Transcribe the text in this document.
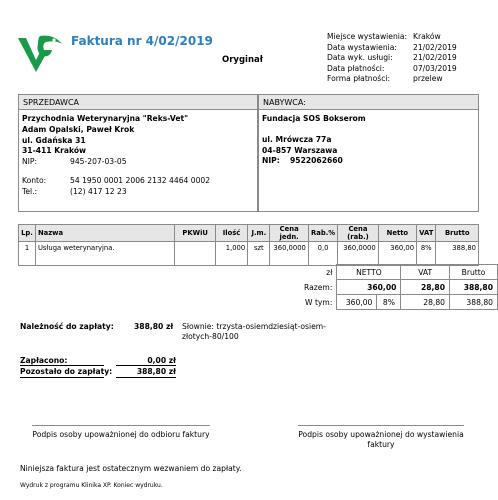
Faktura nr 4/02/2019
Oryginał
Miejsce wystawienia: Kraków
Data wystawienia:	21/02/2019
Data wyk. usługi:	21/02/2019
Data płatności:	07/03/2019
Forma płatności:	przelew
SPRZEDAWCA
Przychodnia Weterynaryjna "Reks-Vet"
Adam Opalski, Paweł Krok
ul. Gdańska 31
31-411 Kraków
NIP:	945-207-03-05
Konto:	54 1950 0001 2006 2132 4464 0002
Tel.:	(12) 417 12 23
NABYWCA:
Fundacja SOS Bokserom
ul. Mrówcza 77a
04-857 Warszawa
NIP: 9522062660
Lp.	Nazwa	PKWiU	Ilość	J.m.	Cena jedn.	Rab.%	Cena (rab.)	Netto	VAT	Brutto
1	Usługa weterynaryjna.		1,000	szt	360,0000	0,0	360,0000	360,00	8%	388,80
zł	NETTO		VAT	Brutto
Razem:	360,00		28,80	388,80
W tym:	360,00	8%	28,80	388,80
Należność do zapłaty:	388,80 zł Słownie: trzysta-osiemdziesiąt-osiem-
złotych-80/100
Zapłacono:	0,00 zł
Pozostało do zapłaty:	388,80 zł
Podpis osoby upoważnionej do odbioru faktury	Podpis osoby upoważnionej do wystawienia
faktury
Niniejsza faktura jest ostatecznym wezwaniem do zapłaty.
Wydruk z programu Klinika XP. Koniec wydruku.
